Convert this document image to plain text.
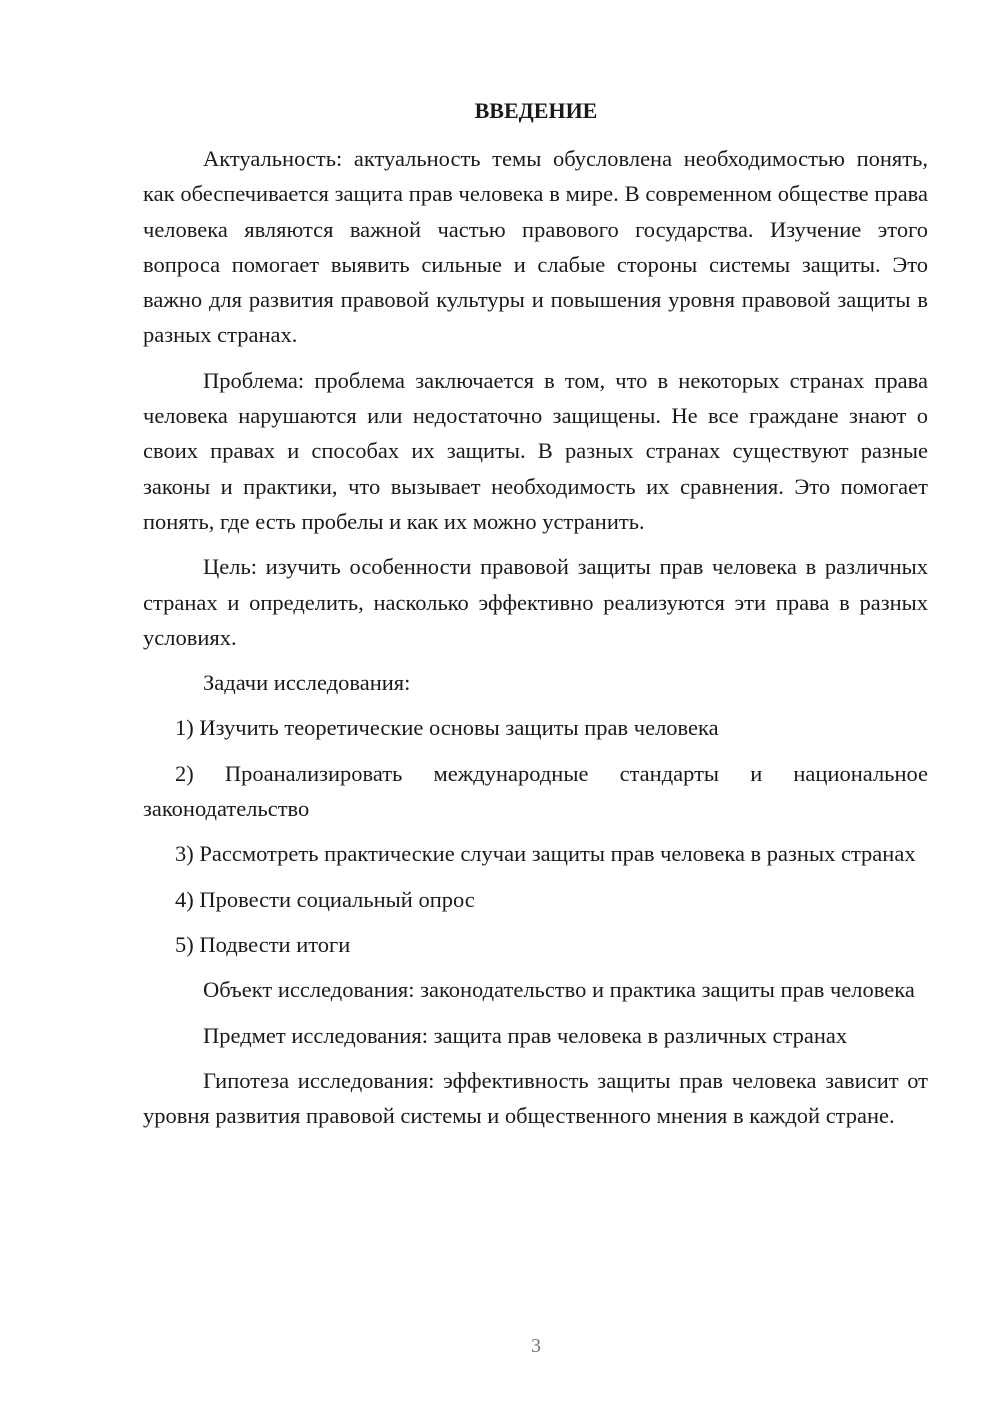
ВВЕДЕНИЕ

Актуальность: актуальность темы обусловлена необходимостью понять, как обеспечивается защита прав человека в мире. В современном обществе права человека являются важной частью правового государства. Изучение этого вопроса помогает выявить сильные и слабые стороны системы защиты. Это важно для развития правовой культуры и повышения уровня правовой защиты в разных странах.

Проблема: проблема заключается в том, что в некоторых странах права человека нарушаются или недостаточно защищены. Не все граждане знают о своих правах и способах их защиты. В разных странах существуют разные законы и практики, что вызывает необходимость их сравнения. Это помогает понять, где есть пробелы и как их можно устранить.

Цель: изучить особенности правовой защиты прав человека в различных странах и определить, насколько эффективно реализуются эти права в разных условиях.

Задачи исследования:

1) Изучить теоретические основы защиты прав человека

2) Проанализировать международные стандарты и национальное законодательство

3) Рассмотреть практические случаи защиты прав человека в разных странах

4) Провести социальный опрос

5) Подвести итоги

Объект исследования: законодательство и практика защиты прав человека

Предмет исследования: защита прав человека в различных странах

Гипотеза исследования: эффективность защиты прав человека зависит от уровня развития правовой системы и общественного мнения в каждой стране.

3
